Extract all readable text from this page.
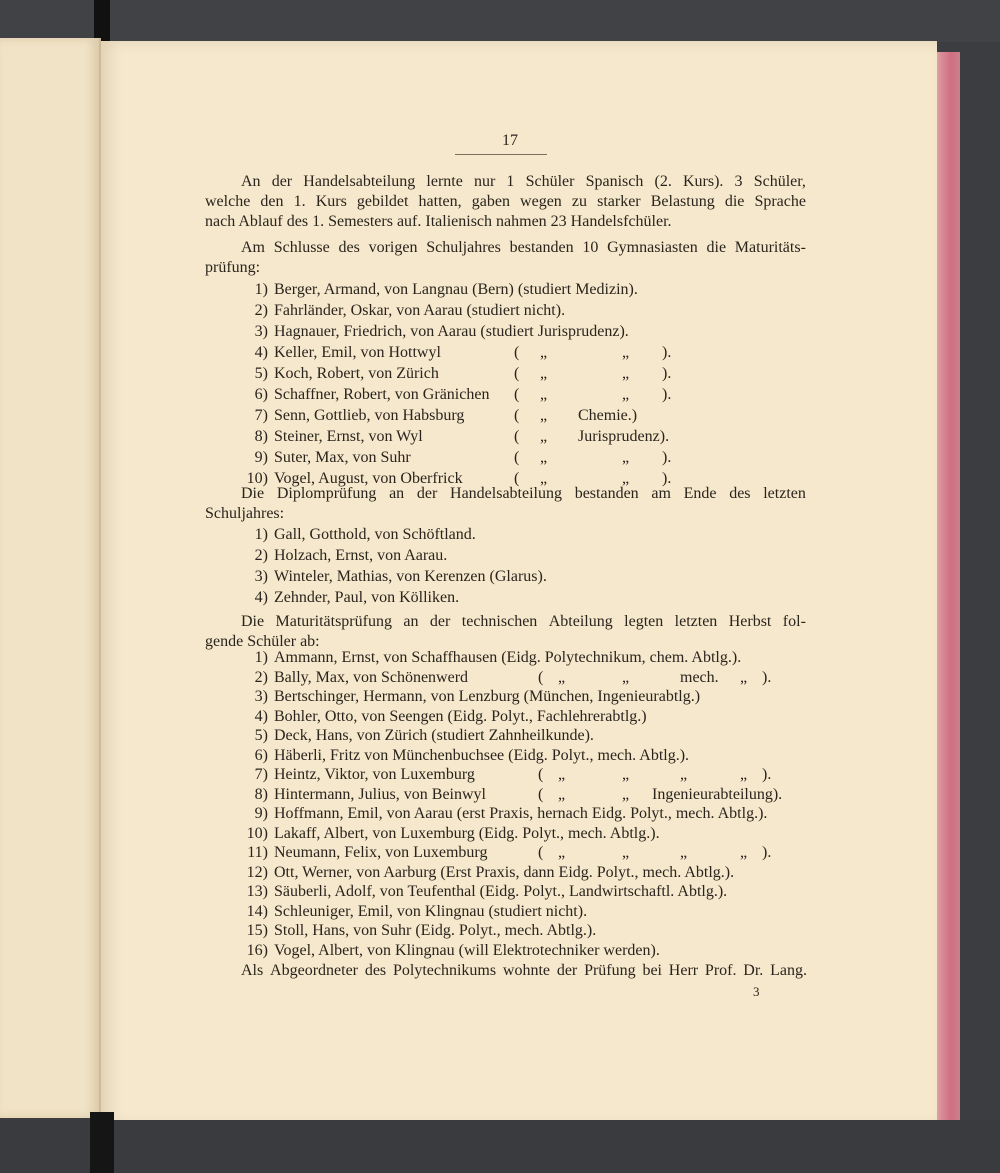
17
An der Handelsabteilung lernte nur 1 Schüler Spanisch (2. Kurs). 3 Schüler,
welche den 1. Kurs gebildet hatten, gaben wegen zu starker Belastung die Sprache
nach Ablauf des 1. Semesters auf. Italienisch nahmen 23 Handelsfchüler.
Am Schlusse des vorigen Schuljahres bestanden 10 Gymnasiasten die Maturitäts-
prüfung:
1) Berger, Armand, von Langnau (Bern) (studiert Medizin).
2) Fahrländer, Oskar, von Aarau (studiert nicht).
3) Hagnauer, Friedrich, von Aarau (studiert Jurisprudenz).
4) Keller, Emil, von Hottwyl	( „	„ ).
5) Koch, Robert, von Zürich	( „	„ ).
6) Schaffner, Robert, von Gränichen ( „	„ ).
7) Senn, Gottlieb, von Habsburg	( „ Chemie.)
8) Steiner, Ernst, von Wyl	( „ Jurisprudenz).
9) Suter, Max, von Suhr	( „	„ ).
10) Vogel, August, von Oberfrick	( „	„ ).
Die Diplomprüfung an der Handelsabteilung bestanden am Ende des letzten
Schuljahres:
1) Gall, Gotthold, von Schöftland.
2) Holzach, Ernst, von Aarau.
3) Winteler, Mathias, von Kerenzen (Glarus).
4) Zehnder, Paul, von Kölliken.
Die Maturitätsprüfung an der technischen Abteilung legten letzten Herbst fol-
gende Schüler ab:
1) Ammann, Ernst, von Schaffhausen (Eidg. Polytechnikum, chem. Abtlg.).
2) Bally, Max, von Schönenwerd	( „	„	mech. „ ).
3) Bertschinger, Hermann, von Lenzburg (München, Ingenieurabtlg.)
4) Bohler, Otto, von Seengen (Eidg. Polyt., Fachlehrerabtlg.)
5) Deck, Hans, von Zürich (studiert Zahnheilkunde).
6) Häberli, Fritz von Münchenbuchsee (Eidg. Polyt., mech. Abtlg.).
7) Heintz, Viktor, von Luxemburg	( „	„	„	„ ).
8) Hintermann, Julius, von Beinwyl	( „	„ Ingenieurabteilung).
9) Hoffmann, Emil, von Aarau (erst Praxis, hernach Eidg. Polyt., mech. Abtlg.).
10) Lakaff, Albert, von Luxemburg (Eidg. Polyt., mech. Abtlg.).
11) Neumann, Felix, von Luxemburg	( „	„	„	„ ).
12) Ott, Werner, von Aarburg (Erst Praxis, dann Eidg. Polyt., mech. Abtlg.).
13) Säuberli, Adolf, von Teufenthal (Eidg. Polyt., Landwirtschaftl. Abtlg.).
14) Schleuniger, Emil, von Klingnau (studiert nicht).
15) Stoll, Hans, von Suhr (Eidg. Polyt., mech. Abtlg.).
16) Vogel, Albert, von Klingnau (will Elektrotechniker werden).
Als Abgeordneter des Polytechnikums wohnte der Prüfung bei Herr Prof. Dr. Lang.
3
